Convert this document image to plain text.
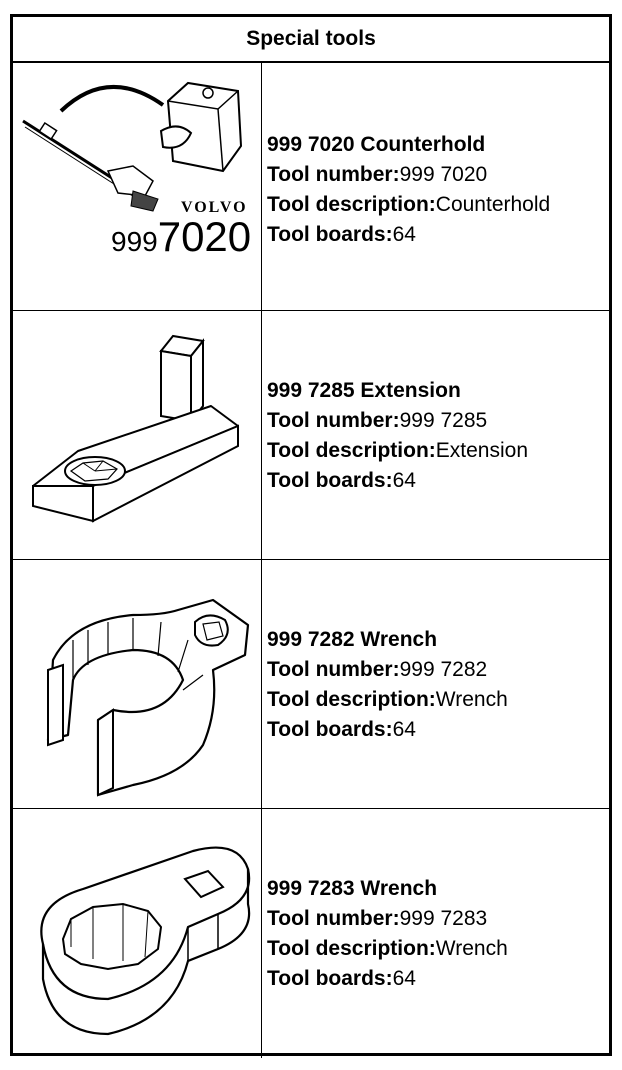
Special tools
VOLVO
9997020
999 7020 Counterhold
Tool number:999 7020
Tool description:Counterhold
Tool boards:64
999 7285 Extension
Tool number:999 7285
Tool description:Extension
Tool boards:64
999 7282 Wrench
Tool number:999 7282
Tool description:Wrench
Tool boards:64
999 7283 Wrench
Tool number:999 7283
Tool description:Wrench
Tool boards:64
